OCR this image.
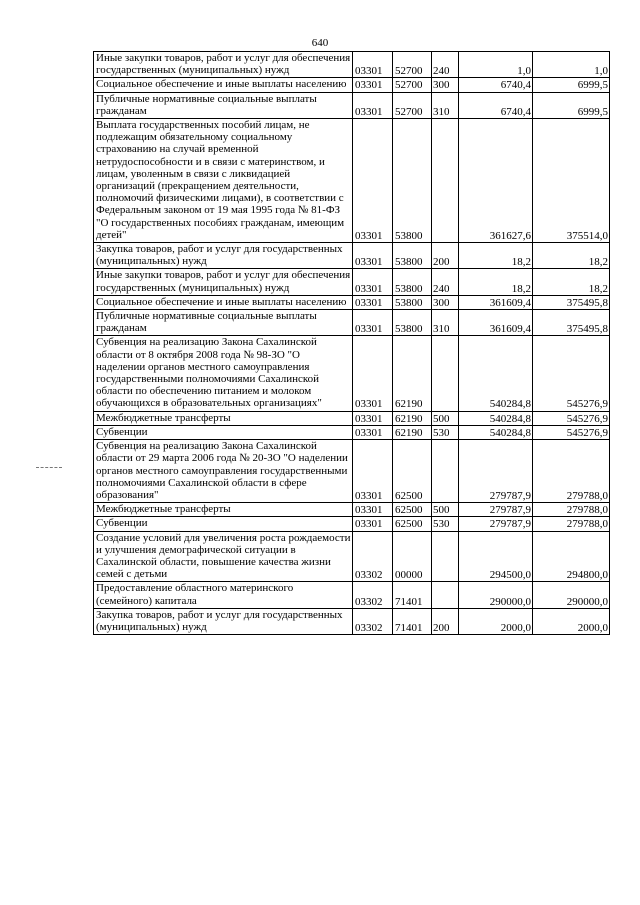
640
Иные закупки товаров, работ и услуг для обеспечения государственных (муниципальных) нужд	03301	52700	240	1,0	1,0
Социальное обеспечение и иные выплаты населению	03301	52700	300	6740,4	6999,5
Публичные нормативные социальные выплаты гражданам	03301	52700	310	6740,4	6999,5
Выплата государственных пособий лицам, не подлежащим обязательному социальному страхованию на случай временной нетрудоспособности и в связи с материнством, и лицам, уволенным в связи с ликвидацией организаций (прекращением деятельности, полномочий физическими лицами), в соответствии с Федеральным законом от 19 мая 1995 года № 81-ФЗ "О государственных пособиях гражданам, имеющим детей"	03301	53800		361627,6	375514,0
Закупка товаров, работ и услуг для государственных (муниципальных) нужд	03301	53800	200	18,2	18,2
Иные закупки товаров, работ и услуг для обеспечения государственных (муниципальных) нужд	03301	53800	240	18,2	18,2
Социальное обеспечение и иные выплаты населению	03301	53800	300	361609,4	375495,8
Публичные нормативные социальные выплаты гражданам	03301	53800	310	361609,4	375495,8
Субвенция на реализацию Закона Сахалинской области от 8 октября 2008 года № 98-ЗО "О наделении органов местного самоуправления государственными полномочиями Сахалинской области по обеспечению питанием и молоком обучающихся в образовательных организациях"	03301	62190		540284,8	545276,9
Межбюджетные трансферты	03301	62190	500	540284,8	545276,9
Субвенции	03301	62190	530	540284,8	545276,9
Субвенция на реализацию Закона Сахалинской области от 29 марта 2006 года № 20-ЗО "О наделении органов местного самоуправления государственными полномочиями Сахалинской области в сфере образования"	03301	62500		279787,9	279788,0
Межбюджетные трансферты	03301	62500	500	279787,9	279788,0
Субвенции	03301	62500	530	279787,9	279788,0
Создание условий для увеличения роста рождаемости и улучшения демографической ситуации в Сахалинской области, повышение качества жизни семей с детьми	03302	00000		294500,0	294800,0
Предоставление областного материнского (семейного) капитала	03302	71401		290000,0	290000,0
Закупка товаров, работ и услуг для государственных (муниципальных) нужд	03302	71401	200	2000,0	2000,0
